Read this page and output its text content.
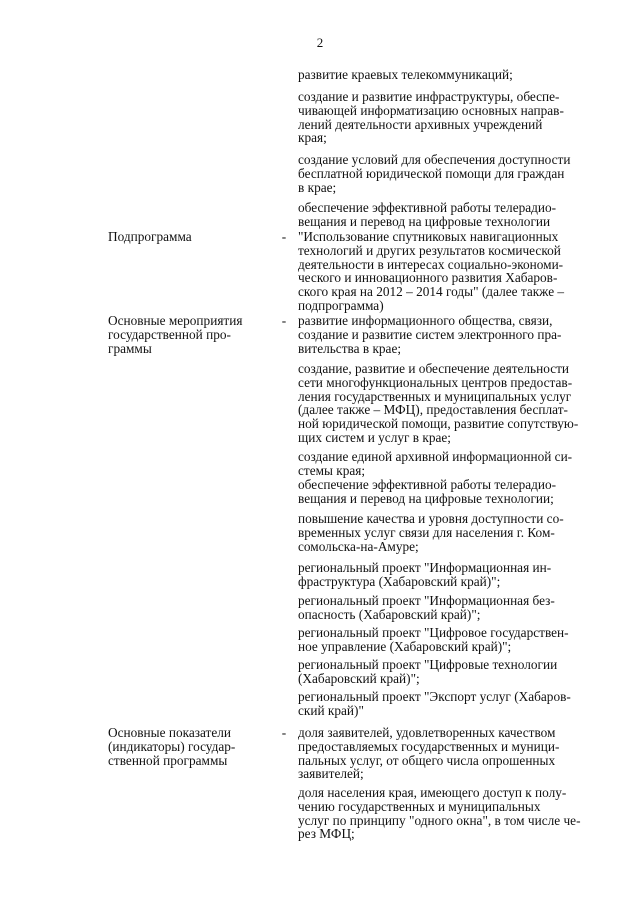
2
развитие краевых телекоммуникаций;
создание и развитие инфраструктуры, обеспе-
чивающей информатизацию основных направ-
лений деятельности архивных учреждений
края;
создание условий для обеспечения доступности
бесплатной юридической помощи для граждан
в крае;
обеспечение эффективной работы телерадио-
вещания и перевод на цифровые технологии
Подпрограмма	- "Использование спутниковых навигационных
технологий и других результатов космической
деятельности в интересах социально-экономи-
ческого и инновационного развития Хабаров-
ского края на 2012 – 2014 годы" (далее также –
подпрограмма)
Основные мероприятия
государственной про-
граммы
- развитие информационного общества, связи,
создание и развитие систем электронного пра-
вительства в крае;
создание, развитие и обеспечение деятельности
сети многофункциональных центров предостав-
ления государственных и муниципальных услуг
(далее также – МФЦ), предоставления бесплат-
ной юридической помощи, развитие сопутствую-
щих систем и услуг в крае;
создание единой архивной информационной си-
стемы края;
обеспечение эффективной работы телерадио-
вещания и перевод на цифровые технологии;
повышение качества и уровня доступности со-
временных услуг связи для населения г. Ком-
сомольска-на-Амуре;
региональный проект "Информационная ин-
фраструктура (Хабаровский край)";
региональный проект "Информационная без-
опасность (Хабаровский край)";
региональный проект "Цифровое государствен-
ное управление (Хабаровский край)";
региональный проект "Цифровые технологии
(Хабаровский край)";
региональный проект "Экспорт услуг (Хабаров-
ский край)"
Основные показатели
(индикаторы) государ-
ственной программы
- доля заявителей, удовлетворенных качеством
предоставляемых государственных и муници-
пальных услуг, от общего числа опрошенных
заявителей;
доля населения края, имеющего доступ к полу-
чению государственных и муниципальных
услуг по принципу "одного окна", в том числе че-
рез МФЦ;
